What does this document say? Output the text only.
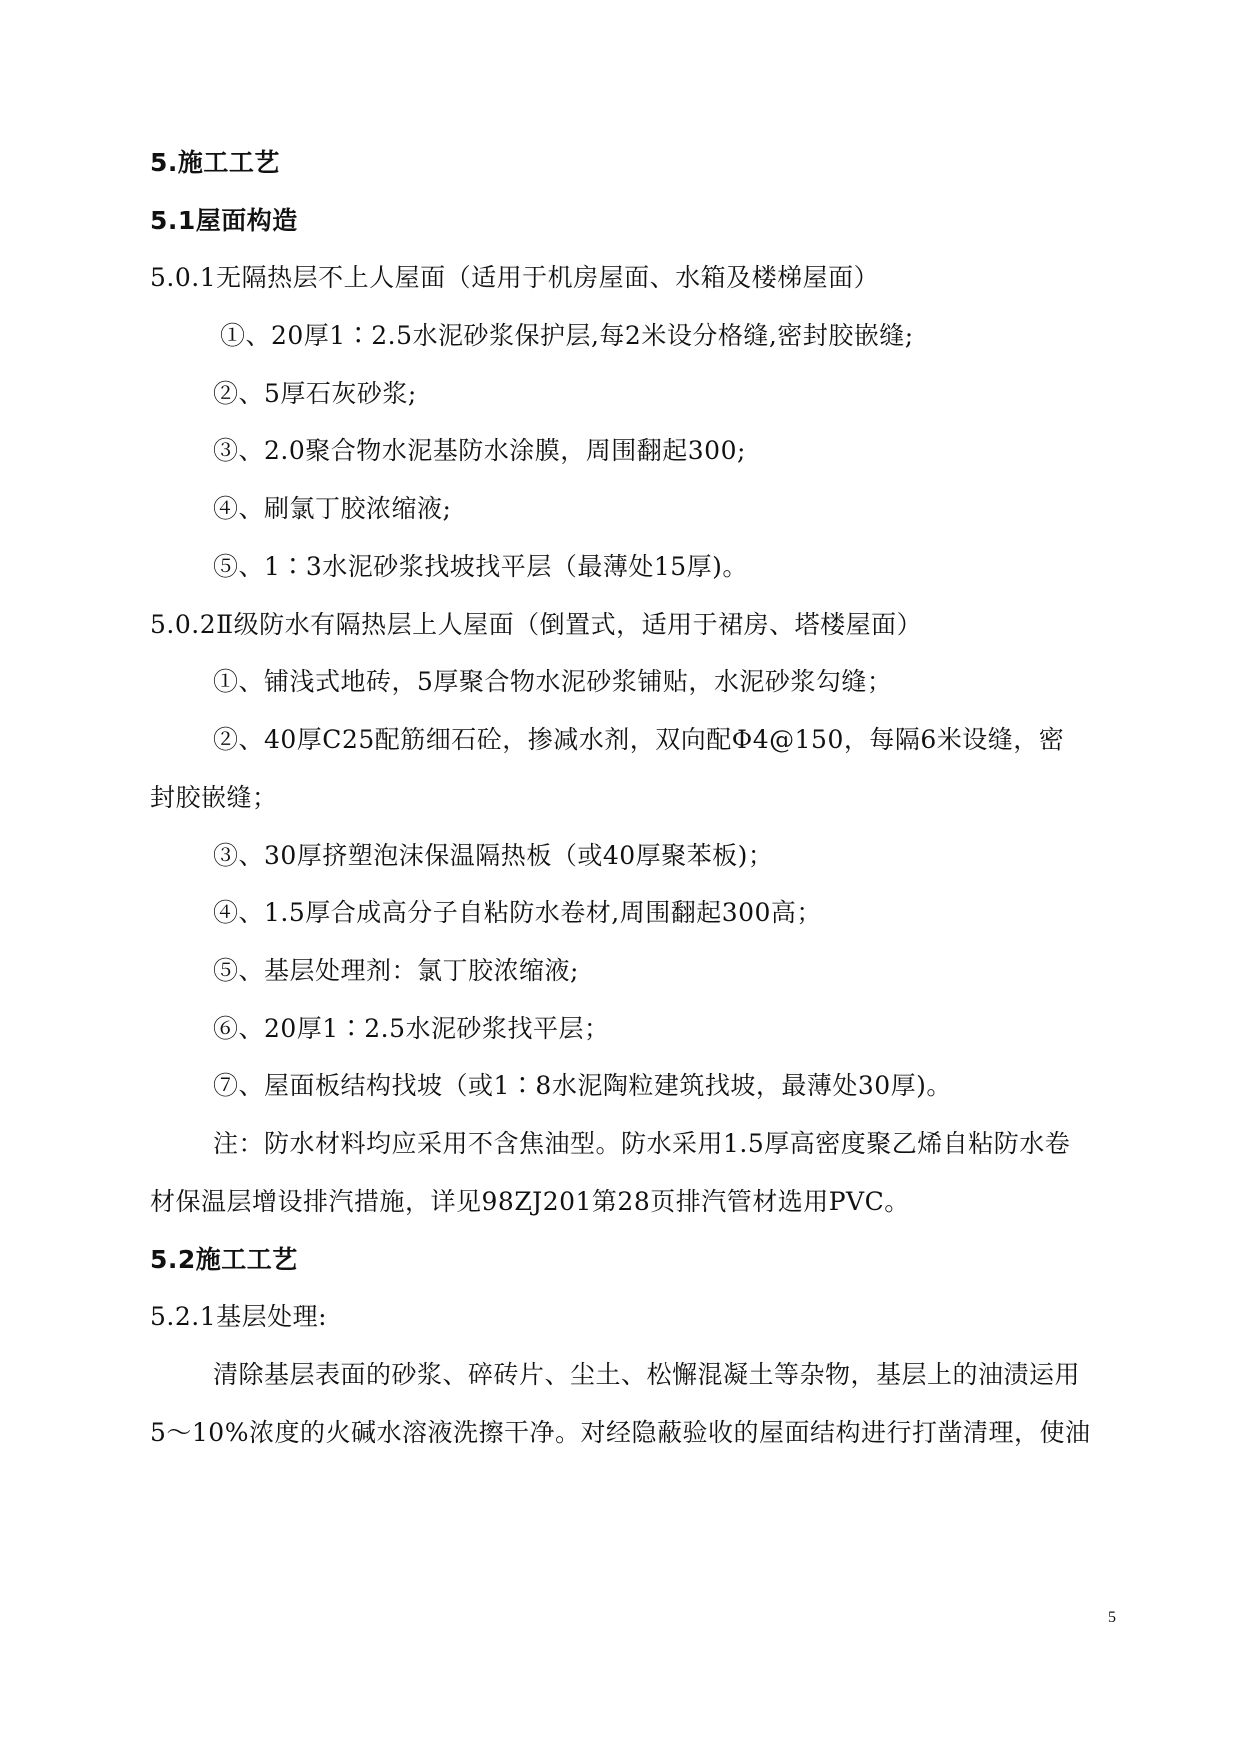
5.施工工艺
5.1屋面构造
5.0.1无隔热层不上人屋面（适用于机房屋面、水箱及楼梯屋面）
①、20厚1∶2.5水泥砂浆保护层,每2米设分格缝,密封胶嵌缝;
②、5厚石灰砂浆;
③、2.0聚合物水泥基防水涂膜，周围翻起300;
④、刷氯丁胶浓缩液;
⑤、1∶3水泥砂浆找坡找平层（最薄处15厚)。
5.0.2Ⅱ级防水有隔热层上人屋面（倒置式，适用于裙房、塔楼屋面）
①、铺浅式地砖，5厚聚合物水泥砂浆铺贴，水泥砂浆勾缝；
②、40厚C25配筋细石砼，掺减水剂，双向配Φ4@150，每隔6米设缝，密
封胶嵌缝；
③、30厚挤塑泡沫保温隔热板（或40厚聚苯板)；
④、1.5厚合成高分子自粘防水卷材,周围翻起300高；
⑤、基层处理剂：氯丁胶浓缩液;
⑥、20厚1∶2.5水泥砂浆找平层；
⑦、屋面板结构找坡（或1∶8水泥陶粒建筑找坡，最薄处30厚)。
注：防水材料均应采用不含焦油型。防水采用1.5厚高密度聚乙烯自粘防水卷
材保温层增设排汽措施，详见98ZJ201第28页排汽管材选用PVC。
5.2施工工艺
5.2.1基层处理:
清除基层表面的砂浆、碎砖片、尘土、松懈混凝土等杂物，基层上的油渍运用
5～10%浓度的火碱水溶液洗擦干净。对经隐蔽验收的屋面结构进行打凿清理，使油
5
